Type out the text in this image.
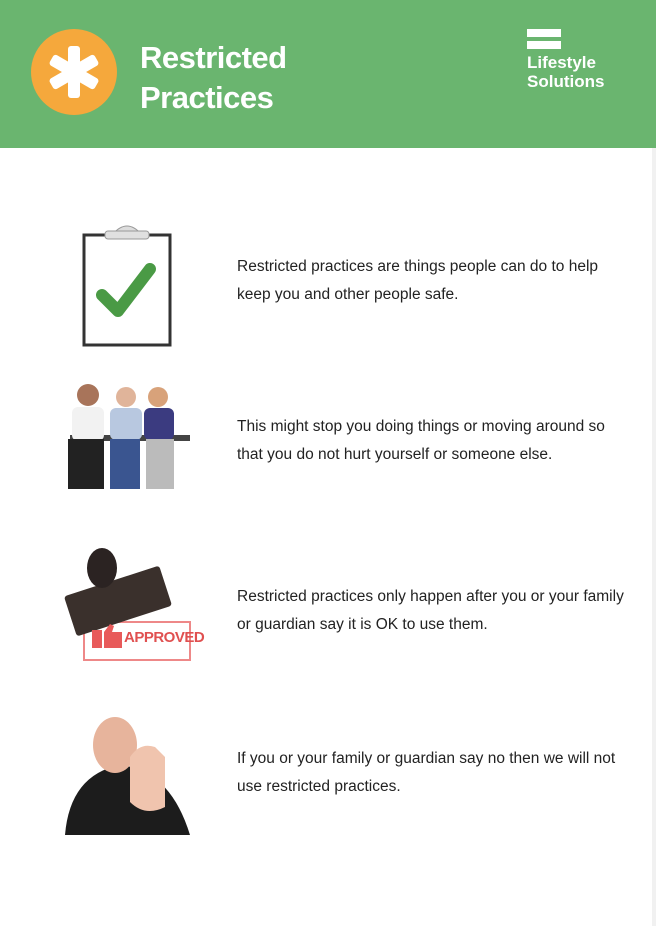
Restricted
Practices
Lifestyle
Solutions
Restricted practices are things people can do to help keep you and other people safe.
This might stop you doing things or moving around so that you do not hurt yourself or someone else.
APPROVED
Restricted practices only happen after you or your family or guardian say it is OK to use them.
If you or your family or guardian say no then we will not use restricted practices.
